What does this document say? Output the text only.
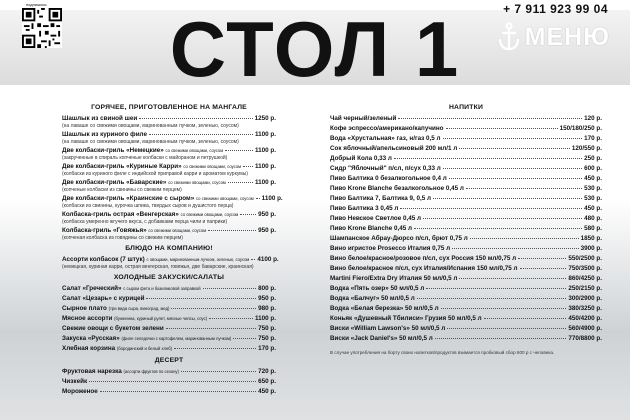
подпишись
СТОЛ 1	+ 7 911 923 99 04
МЕНЮ
ГОРЯЧЕЕ, ПРИГОТОВЛЕННОЕ НА МАНГАЛЕ
Шашлык из свиной шеи	1250 р.
(на лаваше со свежими овощами, маринованным лучком, зеленью, соусом)
Шашлык из куриного филе	1100 р.
(на лаваше со свежими овощами, маринованным лучком, зеленью, соусом)
Две колбаски-гриль «Немецкие» со свежими овощами, соусом	1100 р.
(закрученные в спираль копченые колбаски с майораном и петрушкой)
Две колбаски-гриль «Куриные Карри» со свежими овощами, соусом 1100 р.
(колбаски из куриного филе с индийской приправой карри и ароматом куркумы)
Две колбаски-гриль «Баварские» со свежими овощами, соусом	1100 р.
(копченые колбаски из свинины со свежим перцем)
Две колбаски-гриль «Краинские с сыром» со свежими овощами, соусом 1100 р.
(колбаски из свинины, курочка шпика, твердых сыров и душистого перца)
Колбаска-гриль острая «Венгерская» со свежими овощами, соусом	950 р.
(колбаска умеренно жгучего вкуса, с добавками перца чили и паприки)
Колбаска-гриль «Говяжья» со свежими овощами, соусом	950 р.
(копченая колбаска из говядины со свежим перцем)
БЛЮДО НА КОМПАНИЮ!
Ассорти колбасок (7 штук) с овощами, маринованным лучком, зеленью, соусом 4100 р.
(немецкая, куриная карри, острая венгерская, говяжья, две баварские, краинская)
ХОЛОДНЫЕ ЗАКУСКИ/САЛАТЫ
Салат «Греческий» с сыром фета и базиликовой заправкой	800 р.
Салат «Цезарь» с курицей	950 р.
Сырное плато (три вида сыра, виноград, мед)	980 р.
Мясное ассорти (буженина, куриный рулет, мясные чипсы, соус)	1100 р.
Свежие овощи с букетом зелени	750 р.
Закуска «Русская» (филе селедочки с картофелем, маринованным лучком)	750 р.
Хлебная корзина (бородинский и белый хлеб)	170 р.
ДЕСЕРТ
Фруктовая нарезка (ассорти фруктов по сезону)	720 р.
Чизкейк	650 р.
Мороженое	450 р.
НАПИТКИ
Чай черный/зеленый	120 р.
Кофе эспрессо/американо/капучино	150/180/250 р.
Вода «Хрустальная» газ, н/газ 0,5 л	170 р.
Сок яблочный/апельсиновый 200 мл/1 л	120/550 р.
Добрый Кола 0,33 л	250 р.
Сидр "Яблочный" п/сл, п/сух 0,33 л	600 р.
Пиво Балтика 0 безалкогольное 0,4 л	450 р.
Пиво Krone Blanche безалкогольное 0,45 л	530 р.
Пиво Балтика 7, Балтика 9, 0,5 л	530 р.
Пиво Балтика 3 0,45 л	450 р.
Пиво Невское Светлое 0,45 л	480 р.
Пиво Krone Blanche 0,45 л	580 р.
Шампанское Абрау-Дюрсо п/сл, брют 0,75 л	1850 р.
Вино игристое Prosecco Италия 0,75 л	3900 р.
Вино белое/красное/розовое п/сл, сух Россия 150 мл/0,75 л	550/2500 р.
Вино белое/красное п/сл, сух Италия/Испания 150 мл/0,75 л	750/3500 р.
Martini Fiero/Extra Dry Италия 50 мл/0,5 л	860/4250 р.
Водка «Пять озер» 50 мл/0,5 л	250/2150 р.
Водка «Балчуг» 50 мл/0,5 л	300/2900 р.
Водка «Белая березка» 50 мл/0,5 л	380/3250 р.
Коньяк «Душевный Тбилиси» Грузия 50 мл/0,5 л	450/4200 р.
Виски «William Lawson's» 50 мл/0,5 л	560/4900 р.
Виски «Jack Daniel's» 50 мл/0,5 л	770/8800 р.
В случае употребления на борту своих напитков/продуктов взимается пробковый сбор 600 р с человека.
